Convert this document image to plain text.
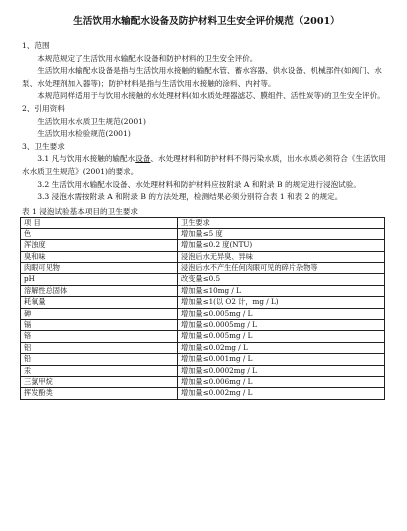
生活饮用水输配水设备及防护材料卫生安全评价规范（2001）

1、范围

本规范规定了生活饮用水输配水设备和防护材料的卫生安全评价。

生活饮用水输配水设备是指与生活饮用水接触的输配水管、蓄水容器、供水设备、机械部件(如阀门、水泵、水处理剂加入器等)；防护材料是指与生活饮用水接触的涂料、内衬等。

本规范同样适用于与饮用水接触的水处理材料(如水质处理器滤芯、膜组件、活性炭等)的卫生安全评价。

2、引用资料

生活饮用水水质卫生规范(2001)

生活饮用水检验规范(2001)

3、卫生要求

3.1 凡与饮用水接触的输配水设备、水处理材料和防护材料不得污染水质，出水水质必须符合《生活饮用水水质卫生规范》(2001)的要求。

3.2 生活饮用水输配水设备、水处理材料和防护材料应按附录 A 和附录 B 的规定进行浸泡试验。

3.3 浸泡水需按附录 A 和附录 B 的方法处理，检测结果必须分别符合表 1 和表 2 的规定。

表 1 浸泡试验基本项目的卫生要求
项 目	卫生要求
色	增加量≤5 度
浑浊度	增加量≤0.2 度(NTU)
臭和味	浸泡后水无异臭、异味
肉眼可见物	浸泡后水不产生任何肉眼可见的碎片杂物等
pH	改变量≤0.5
溶解性总固体	增加量≤10mg / L
耗氧量	增加量≤1(以 O2 计，mg / L)
砷	增加量≤0.005mg / L
镉	增加量≤0.0005mg / L
铬	增加量≤0.005mg / L
铝	增加量≤0.02mg / L
铅	增加量≤0.001mg / L
汞	增加量≤0.0002mg / L
三氯甲烷	增加量≤0.006mg / L
挥发酚类	增加量≤0.002mg / L
